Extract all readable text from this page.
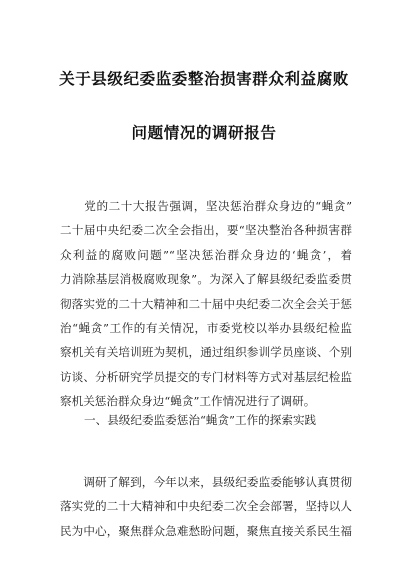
关于县级纪委监委整治损害群众利益腐败
问题情况的调研报告
　　党的二十大报告强调，坚决惩治群众身边的“蝇贪”
二十届中央纪委二次全会指出，要“坚决整治各种损害群
众利益的腐败问题”“坚决惩治群众身边的‘蝇贪’，着
力消除基层消极腐败现象”。为深入了解县级纪委监委贯
彻落实党的二十大精神和二十届中央纪委二次全会关于惩
治“蝇贪”工作的有关情况，市委党校以举办县级纪检监
察机关有关培训班为契机，通过组织参训学员座谈、个别
访谈、分析研究学员提交的专门材料等方式对基层纪检监
察机关惩治群众身边“蝇贪”工作情况进行了调研。
一、县级纪委监委惩治“蝇贪”工作的探索实践
　　调研了解到，今年以来，县级纪委监委能够认真贯彻
落实党的二十大精神和中央纪委二次全会部署，坚持以人
民为中心，聚焦群众急难愁盼问题，聚焦直接关系民生福
